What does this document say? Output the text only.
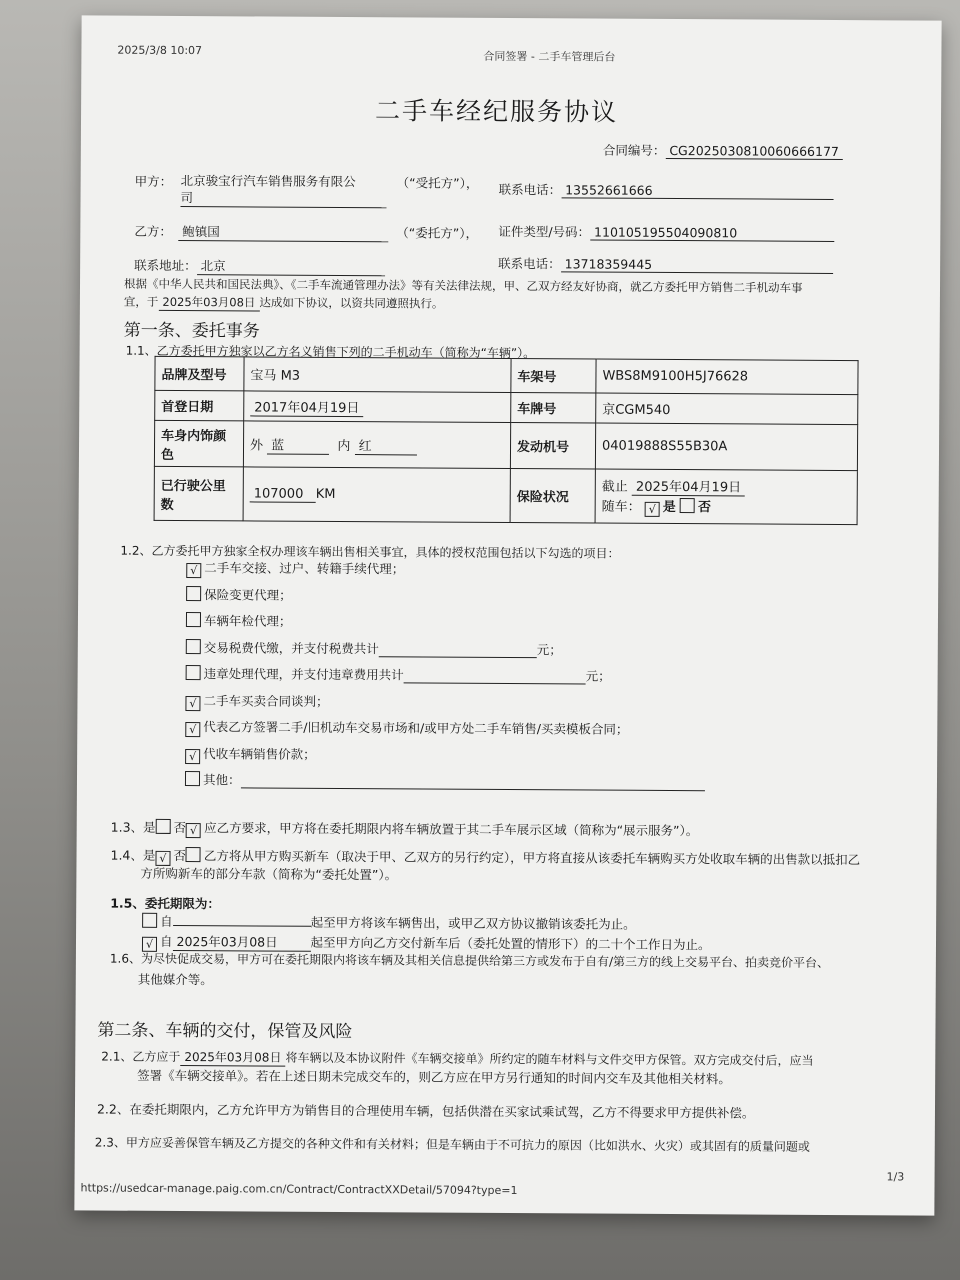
2025/3/8 10:07	合同签署 - 二手车管理后台
二手车经纪服务协议
合同编号： CG2025030810060666177
甲方： 北京骏宝行汽车销售服务有限公
司
（“受托方”）， 联系电话： 13552661666
乙方： 鲍镇国	（“委托方”）， 证件类型/号码： 110105195504090810
联系地址： 北京	联系电话： 13718359445
根据《中华人民共和国民法典》、《二手车流通管理办法》等有关法律法规，甲、乙双方经友好协商，就乙方委托甲方销售二手机动车事
宜，于 2025年03月08日 达成如下协议，以资共同遵照执行。
第一条、委托事务
1.1、乙方委托甲方独家以乙方名义销售下列的二手机动车（简称为“车辆”）。
品牌及型号	宝马 M3	车架号	WBS8M9100H5J76628
首登日期	2017年04月19日	车牌号	京CGM540
车身内饰颜色	外 蓝 内 红	发动机号	04019888S55B30A
已行驶公里数	107000 KM	保险状况	截止 2025年04月19日
随车： √ 是 否
1.2、乙方委托甲方独家全权办理该车辆出售相关事宜，具体的授权范围包括以下勾选的项目：
√ 二手车交接、过户、转籍手续代理；
保险变更代理；
车辆年检代理；
交易税费代缴，并支付税费共计	元；
违章处理代理，并支付违章费用共计	元；
√ 二手车买卖合同谈判；
√ 代表乙方签署二手/旧机动车交易市场和/或甲方处二手车销售/买卖模板合同；
√ 代收车辆销售价款；
其他：
1.3、是 否 √ 应乙方要求，甲方将在委托期限内将车辆放置于其二手车展示区域（简称为“展示服务”）。
1.4、是 √ 否 乙方将从甲方购买新车（取决于甲、乙双方的另行约定），甲方将直接从该委托车辆购买方处收取车辆的出售款以抵扣乙
方所购新车的部分车款（简称为“委托处置”）。
1.5、委托期限为：
自	起至甲方将该车辆售出，或甲乙双方协议撤销该委托为止。
√ 自 2025年03月08日	起至甲方向乙方交付新车后（委托处置的情形下）的二十个工作日为止。
1.6、为尽快促成交易，甲方可在委托期限内将该车辆及其相关信息提供给第三方或发布于自有/第三方的线上交易平台、拍卖竞价平台、
其他媒介等。
第二条、车辆的交付，保管及风险
2.1、乙方应于 2025年03月08日 将车辆以及本协议附件《车辆交接单》所约定的随车材料与文件交甲方保管。双方完成交付后，应当
签署《车辆交接单》。若在上述日期未完成交车的，则乙方应在甲方另行通知的时间内交车及其他相关材料。
2.2、在委托期限内，乙方允许甲方为销售目的合理使用车辆，包括供潜在买家试乘试驾，乙方不得要求甲方提供补偿。
2.3、甲方应妥善保管车辆及乙方提交的各种文件和有关材料；但是车辆由于不可抗力的原因（比如洪水、火灾）或其固有的质量问题或
https://usedcar-manage.paig.com.cn/Contract/ContractXXDetail/57094?type=1
1/3
